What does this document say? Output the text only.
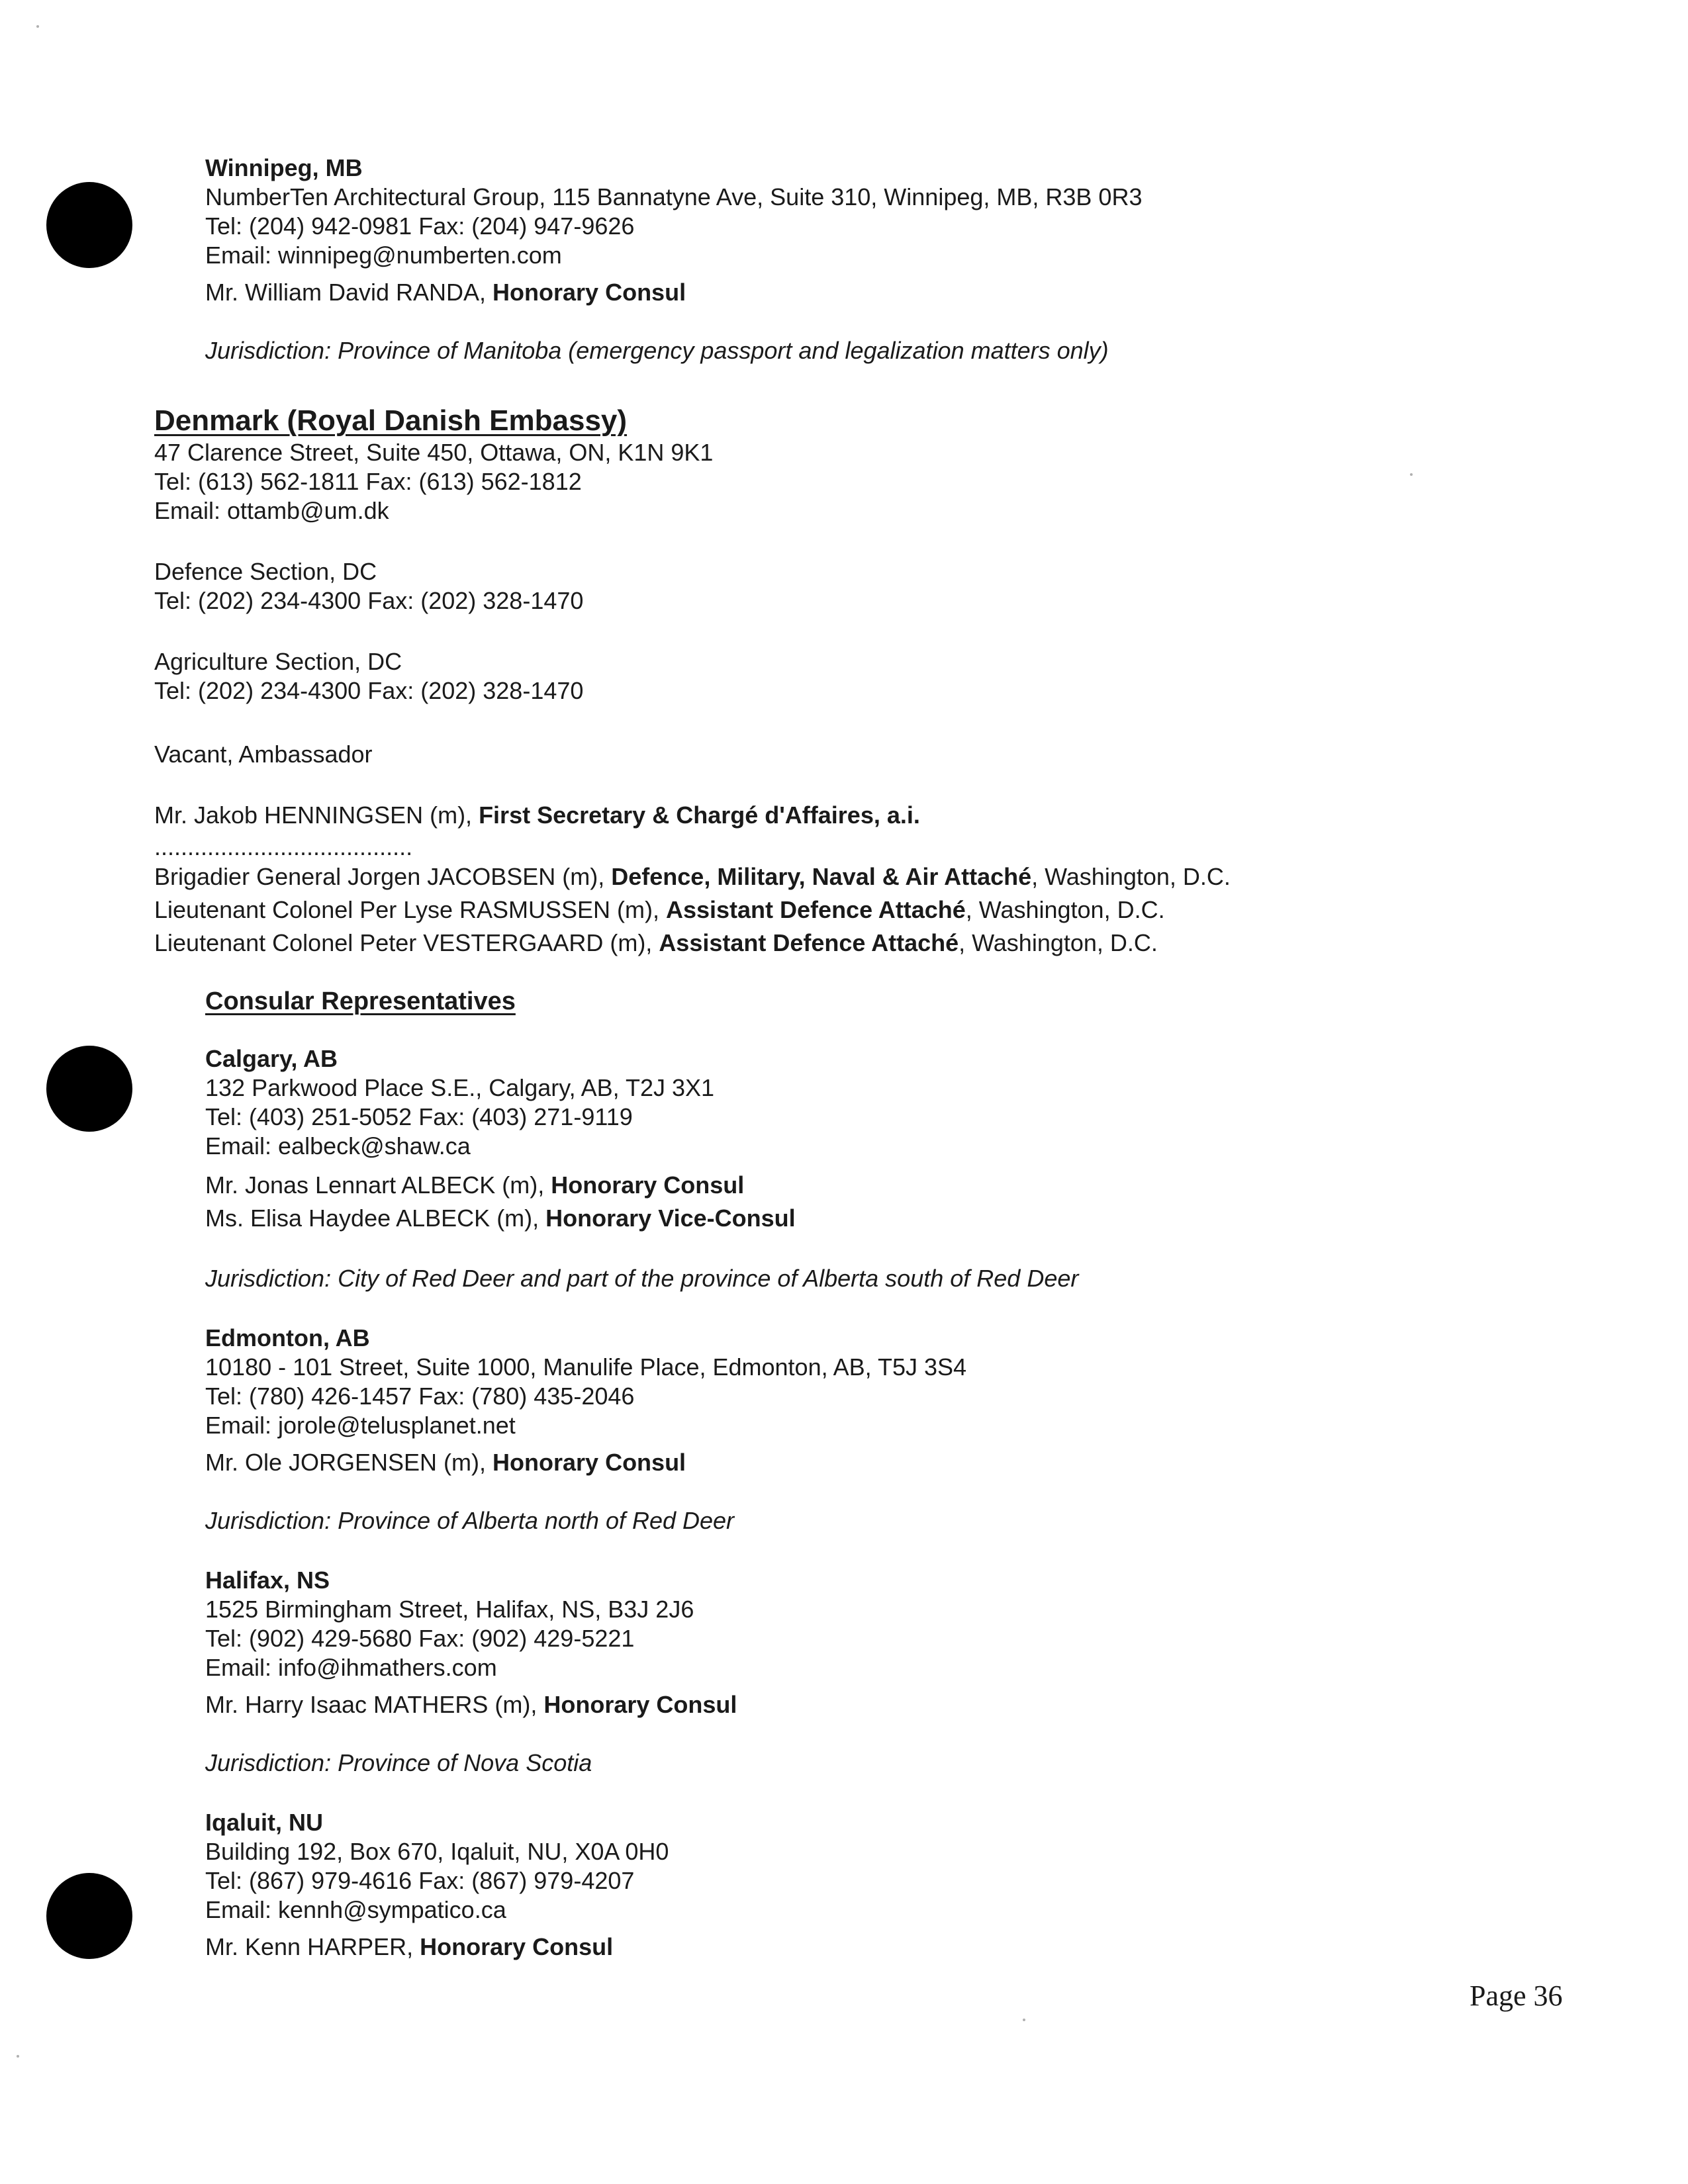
Winnipeg, MB
NumberTen Architectural Group, 115 Bannatyne Ave, Suite 310, Winnipeg, MB, R3B 0R3
Tel: (204) 942-0981 Fax: (204) 947-9626
Email: winnipeg@numberten.com
Mr. William David RANDA, Honorary Consul
Jurisdiction: Province of Manitoba (emergency passport and legalization matters only)
Denmark (Royal Danish Embassy)
47 Clarence Street, Suite 450, Ottawa, ON, K1N 9K1
Tel: (613) 562-1811 Fax: (613) 562-1812
Email: ottamb@um.dk
Defence Section, DC
Tel: (202) 234-4300 Fax: (202) 328-1470
Agriculture Section, DC
Tel: (202) 234-4300 Fax: (202) 328-1470
Vacant, Ambassador
Mr. Jakob HENNINGSEN (m), First Secretary & Chargé d'Affaires, a.i.
.......................................
Brigadier General Jorgen JACOBSEN (m), Defence, Military, Naval & Air Attaché, Washington, D.C.
Lieutenant Colonel Per Lyse RASMUSSEN (m), Assistant Defence Attaché, Washington, D.C.
Lieutenant Colonel Peter VESTERGAARD (m), Assistant Defence Attaché, Washington, D.C.
Consular Representatives
Calgary, AB
132 Parkwood Place S.E., Calgary, AB, T2J 3X1
Tel: (403) 251-5052 Fax: (403) 271-9119
Email: ealbeck@shaw.ca
Mr. Jonas Lennart ALBECK (m), Honorary Consul
Ms. Elisa Haydee ALBECK (m), Honorary Vice-Consul
Jurisdiction: City of Red Deer and part of the province of Alberta south of Red Deer
Edmonton, AB
10180 - 101 Street, Suite 1000, Manulife Place, Edmonton, AB, T5J 3S4
Tel: (780) 426-1457 Fax: (780) 435-2046
Email: jorole@telusplanet.net
Mr. Ole JORGENSEN (m), Honorary Consul
Jurisdiction: Province of Alberta north of Red Deer
Halifax, NS
1525 Birmingham Street, Halifax, NS, B3J 2J6
Tel: (902) 429-5680 Fax: (902) 429-5221
Email: info@ihmathers.com
Mr. Harry Isaac MATHERS (m), Honorary Consul
Jurisdiction: Province of Nova Scotia
Iqaluit, NU
Building 192, Box 670, Iqaluit, NU, X0A 0H0
Tel: (867) 979-4616 Fax: (867) 979-4207
Email: kennh@sympatico.ca
Mr. Kenn HARPER, Honorary Consul
Page 36
